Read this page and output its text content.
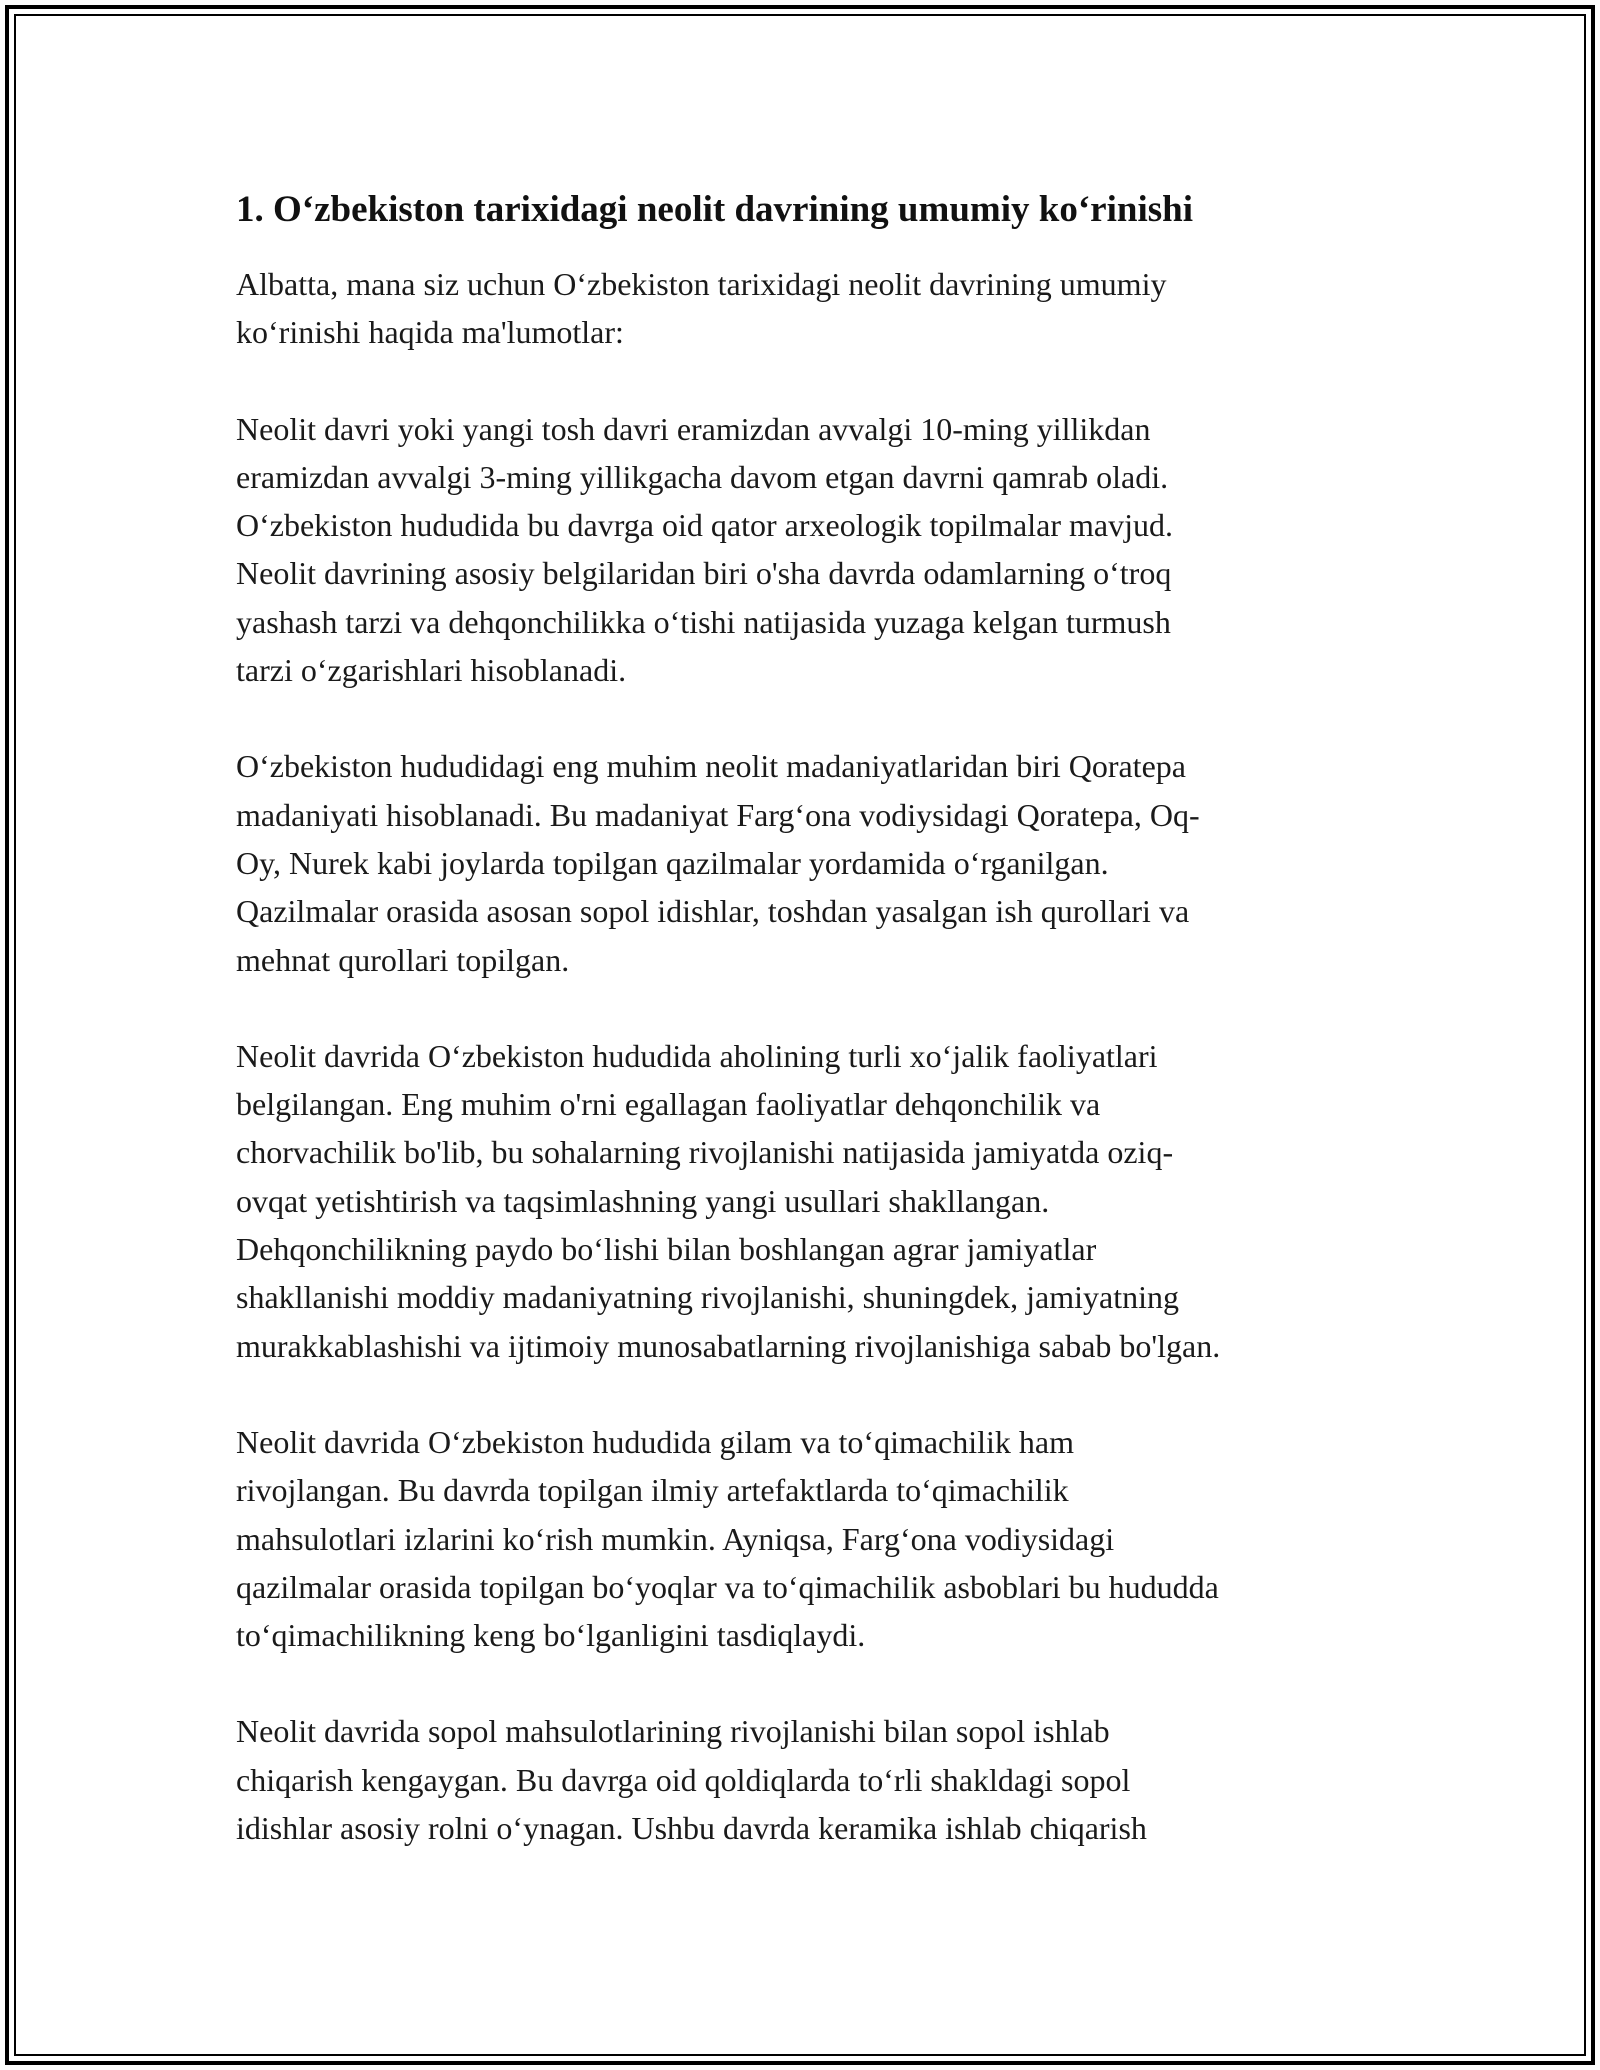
1. O‘zbekiston tarixidagi neolit davrining umumiy ko‘rinishi

Albatta, mana siz uchun O‘zbekiston tarixidagi neolit davrining umumiy
ko‘rinishi haqida ma'lumotlar:

Neolit davri yoki yangi tosh davri eramizdan avvalgi 10-ming yillikdan
eramizdan avvalgi 3-ming yillikgacha davom etgan davrni qamrab oladi.
O‘zbekiston hududida bu davrga oid qator arxeologik topilmalar mavjud.
Neolit davrining asosiy belgilaridan biri o'sha davrda odamlarning o‘troq
yashash tarzi va dehqonchilikka o‘tishi natijasida yuzaga kelgan turmush
tarzi o‘zgarishlari hisoblanadi.

O‘zbekiston hududidagi eng muhim neolit madaniyatlaridan biri Qoratepa
madaniyati hisoblanadi. Bu madaniyat Farg‘ona vodiysidagi Qoratepa, Oq-
Oy, Nurek kabi joylarda topilgan qazilmalar yordamida o‘rganilgan.
Qazilmalar orasida asosan sopol idishlar, toshdan yasalgan ish qurollari va
mehnat qurollari topilgan.

Neolit davrida O‘zbekiston hududida aholining turli xo‘jalik faoliyatlari
belgilangan. Eng muhim o'rni egallagan faoliyatlar dehqonchilik va
chorvachilik bo'lib, bu sohalarning rivojlanishi natijasida jamiyatda oziq-
ovqat yetishtirish va taqsimlashning yangi usullari shakllangan.
Dehqonchilikning paydo bo‘lishi bilan boshlangan agrar jamiyatlar
shakllanishi moddiy madaniyatning rivojlanishi, shuningdek, jamiyatning
murakkablashishi va ijtimoiy munosabatlarning rivojlanishiga sabab bo'lgan.

Neolit davrida O‘zbekiston hududida gilam va to‘qimachilik ham
rivojlangan. Bu davrda topilgan ilmiy artefaktlarda to‘qimachilik
mahsulotlari izlarini ko‘rish mumkin. Ayniqsa, Farg‘ona vodiysidagi
qazilmalar orasida topilgan bo‘yoqlar va to‘qimachilik asboblari bu hududda
to‘qimachilikning keng bo‘lganligini tasdiqlaydi.

Neolit davrida sopol mahsulotlarining rivojlanishi bilan sopol ishlab
chiqarish kengaygan. Bu davrga oid qoldiqlarda to‘rli shakldagi sopol
idishlar asosiy rolni o‘ynagan. Ushbu davrda keramika ishlab chiqarish
